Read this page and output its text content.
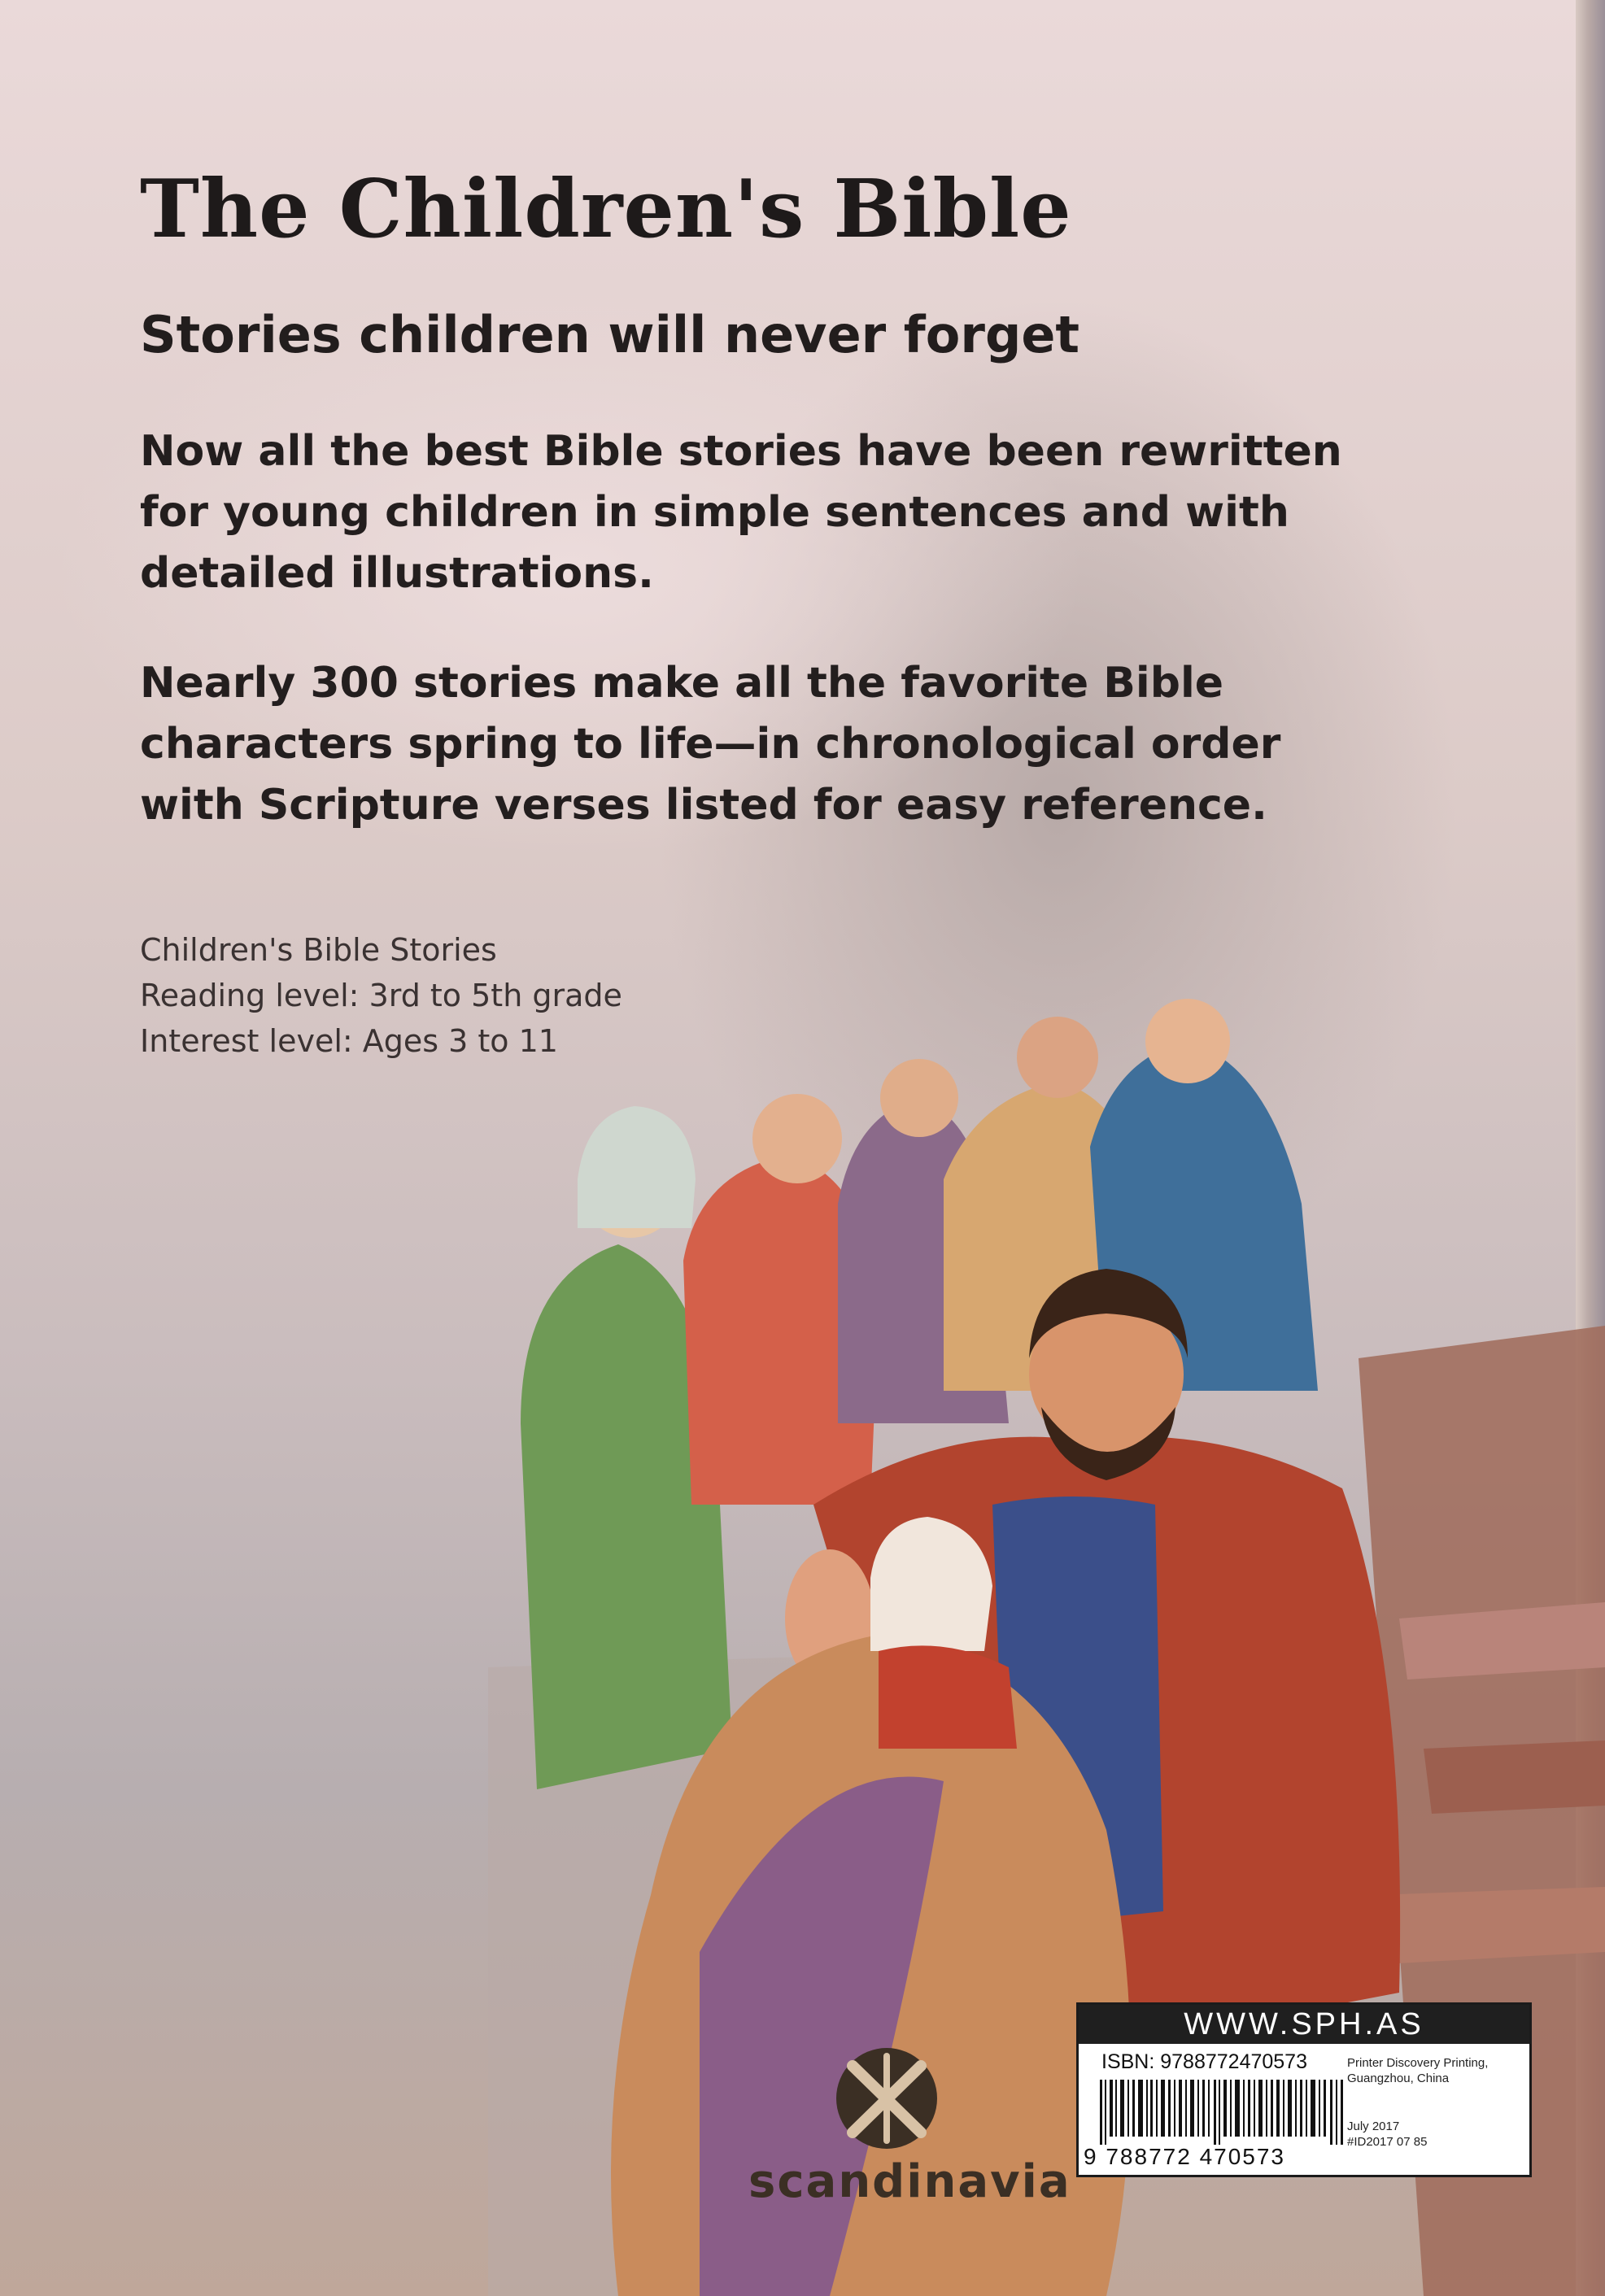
The Children's Bible
Stories children will never forget

Now all the best Bible stories have been rewritten for young children in simple sentences and with detailed illustrations.

Nearly 300 stories make all the favorite Bible characters spring to life—in chronological order with Scripture verses listed for easy reference.

Children's Bible Stories
Reading level: 3rd to 5th grade
Interest level: Ages 3 to 11
scandinavia
WWW.SPH.AS
ISBN: 9788772470573
9 788772 470573
Printer Discovery Printing, Guangzhou, China
July 2017
#ID2017 07 85
